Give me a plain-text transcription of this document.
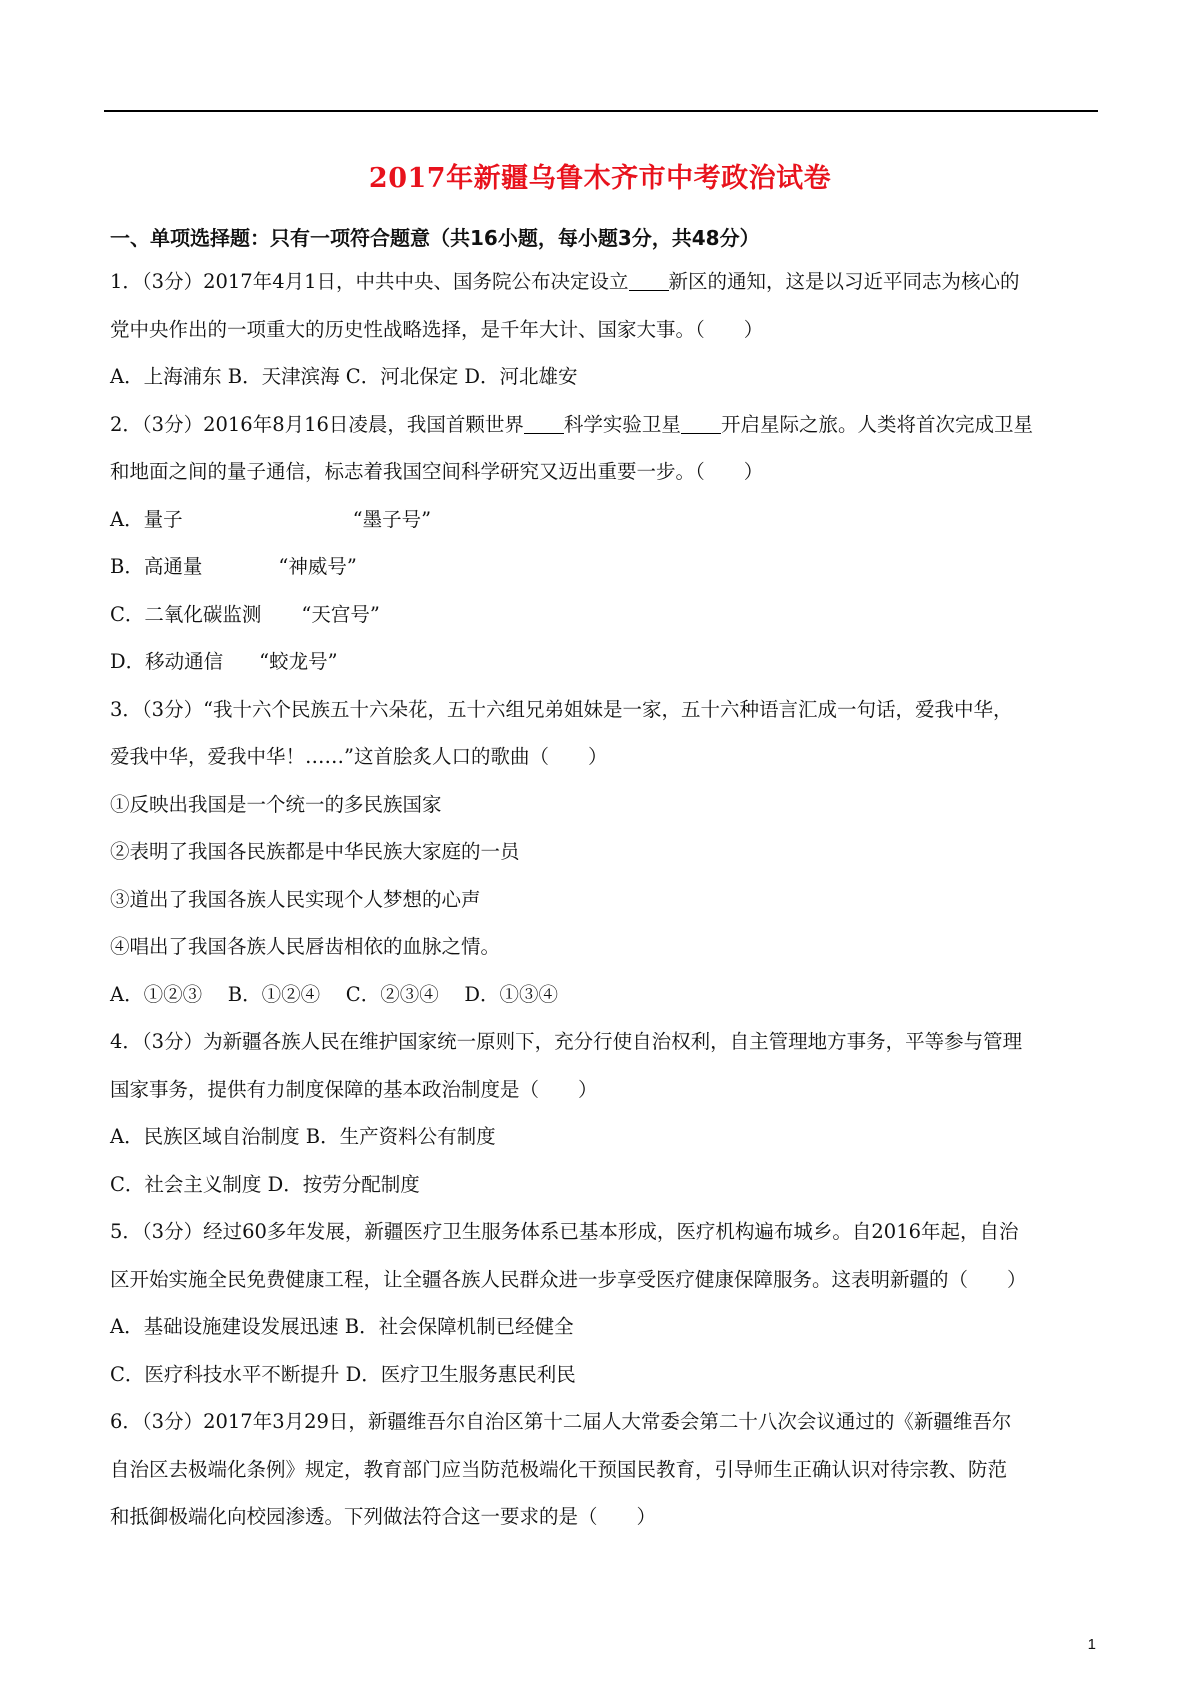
2017年新疆乌鲁木齐市中考政治试卷
一、单项选择题：只有一项符合题意（共16小题，每小题3分，共48分）
1．（3分）2017年4月1日，中共中央、国务院公布决定设立 新区的通知，这是以习近平同志为核心的
党中央作出的一项重大的历史性战略选择，是千年大计、国家大事。（　　）
A．上海浦东 B．天津滨海 C．河北保定 D．河北雄安
2．（3分）2016年8月16日凌晨，我国首颗世界 科学实验卫星 开启星际之旅。人类将首次完成卫星
和地面之间的量子通信，标志着我国空间科学研究又迈出重要一步。（　　）
A．量子	“墨子号”
B．高通量	“神威号”
C．二氧化碳监测 “天宫号”
D．移动通信 “蛟龙号”
3．（3分）“我十六个民族五十六朵花，五十六组兄弟姐妹是一家，五十六种语言汇成一句话，爱我中华，
爱我中华，爱我中华！……”这首脍炙人口的歌曲（　　）
①反映出我国是一个统一的多民族国家
②表明了我国各民族都是中华民族大家庭的一员
③道出了我国各族人民实现个人梦想的心声
④唱出了我国各族人民唇齿相依的血脉之情。
A．①②③　 B．①②④　 C．②③④　 D．①③④
4．（3分）为新疆各族人民在维护国家统一原则下，充分行使自治权利，自主管理地方事务，平等参与管理
国家事务，提供有力制度保障的基本政治制度是（　　）
A．民族区域自治制度 B．生产资料公有制度
C．社会主义制度 D．按劳分配制度
5．（3分）经过60多年发展，新疆医疗卫生服务体系已基本形成，医疗机构遍布城乡。自2016年起，自治
区开始实施全民免费健康工程，让全疆各族人民群众进一步享受医疗健康保障服务。这表明新疆的（　　）
A．基础设施建设发展迅速 B．社会保障机制已经健全
C．医疗科技水平不断提升 D．医疗卫生服务惠民利民
6．（3分）2017年3月29日，新疆维吾尔自治区第十二届人大常委会第二十八次会议通过的《新疆维吾尔
自治区去极端化条例》规定，教育部门应当防范极端化干预国民教育，引导师生正确认识对待宗教、防范
和抵御极端化向校园渗透。下列做法符合这一要求的是（　　）
1
